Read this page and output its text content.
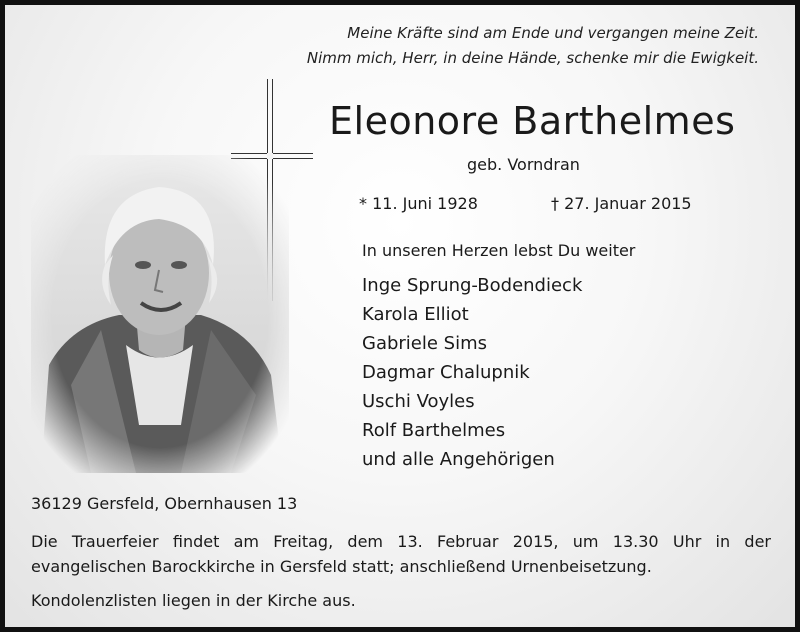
Meine Kräfte sind am Ende und vergangen meine Zeit.
Nimm mich, Herr, in deine Hände, schenke mir die Ewigkeit.
Eleonore Barthelmes
geb. Vorndran
* 11. Juni 1928	† 27. Januar 2015
In unseren Herzen lebst Du weiter
Inge Sprung-Bodendieck
Karola Elliot
Gabriele Sims
Dagmar Chalupnik
Uschi Voyles
Rolf Barthelmes
und alle Angehörigen
36129 Gersfeld, Obernhausen 13
Die Trauerfeier findet am Freitag, dem 13. Februar 2015, um 13.30 Uhr in der evangelischen Barockkirche in Gersfeld statt; anschließend Urnenbeisetzung.
Kondolenzlisten liegen in der Kirche aus.
